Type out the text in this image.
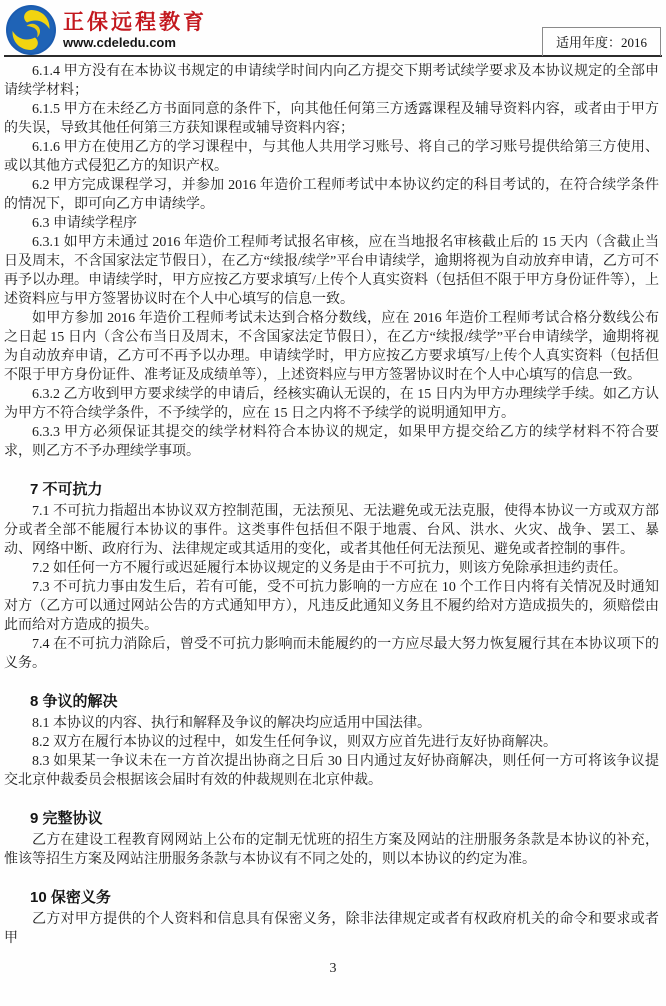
正保远程教育
www.cdeledu.com	适用年度：2016

6.1.4 甲方没有在本协议书规定的申请续学时间内向乙方提交下期考试续学要求及本协议规定的全部申请续学材料；

6.1.5 甲方在未经乙方书面同意的条件下，向其他任何第三方透露课程及辅导资料内容，或者由于甲方的失误，导致其他任何第三方获知课程或辅导资料内容；

6.1.6 甲方在使用乙方的学习课程中，与其他人共用学习账号、将自己的学习账号提供给第三方使用、或以其他方式侵犯乙方的知识产权。

6.2 甲方完成课程学习，并参加 2016 年造价工程师考试中本协议约定的科目考试的，在符合续学条件的情况下，即可向乙方申请续学。

6.3 申请续学程序

6.3.1 如甲方未通过 2016 年造价工程师考试报名审核，应在当地报名审核截止后的 15 天内（含截止当日及周末，不含国家法定节假日），在乙方“续报/续学”平台申请续学，逾期将视为自动放弃申请，乙方可不再予以办理。申请续学时，甲方应按乙方要求填写/上传个人真实资料（包括但不限于甲方身份证件等），上述资料应与甲方签署协议时在个人中心填写的信息一致。

如甲方参加 2016 年造价工程师考试未达到合格分数线，应在 2016 年造价工程师考试合格分数线公布之日起 15 日内（含公布当日及周末，不含国家法定节假日），在乙方“续报/续学”平台申请续学，逾期将视为自动放弃申请，乙方可不再予以办理。申请续学时，甲方应按乙方要求填写/上传个人真实资料（包括但不限于甲方身份证件、准考证及成绩单等），上述资料应与甲方签署协议时在个人中心填写的信息一致。

6.3.2 乙方收到甲方要求续学的申请后，经核实确认无误的，在 15 日内为甲方办理续学手续。如乙方认为甲方不符合续学条件，不予续学的，应在 15 日之内将不予续学的说明通知甲方。

6.3.3 甲方必须保证其提交的续学材料符合本协议的规定，如果甲方提交给乙方的续学材料不符合要求，则乙方不予办理续学事项。

7 不可抗力

7.1 不可抗力指超出本协议双方控制范围，无法预见、无法避免或无法克服，使得本协议一方或双方部分或者全部不能履行本协议的事件。这类事件包括但不限于地震、台风、洪水、火灾、战争、罢工、暴动、网络中断、政府行为、法律规定或其适用的变化，或者其他任何无法预见、避免或者控制的事件。

7.2 如任何一方不履行或迟延履行本协议规定的义务是由于不可抗力，则该方免除承担违约责任。

7.3 不可抗力事由发生后，若有可能，受不可抗力影响的一方应在 10 个工作日内将有关情况及时通知对方（乙方可以通过网站公告的方式通知甲方），凡违反此通知义务且不履约给对方造成损失的，须赔偿由此而给对方造成的损失。

7.4 在不可抗力消除后，曾受不可抗力影响而未能履约的一方应尽最大努力恢复履行其在本协议项下的义务。

8 争议的解决

8.1 本协议的内容、执行和解释及争议的解决均应适用中国法律。

8.2 双方在履行本协议的过程中，如发生任何争议，则双方应首先进行友好协商解决。

8.3 如果某一争议未在一方首次提出协商之日后 30 日内通过友好协商解决，则任何一方可将该争议提交北京仲裁委员会根据该会届时有效的仲裁规则在北京仲裁。

9 完整协议

乙方在建设工程教育网网站上公布的定制无忧班的招生方案及网站的注册服务条款是本协议的补充，惟该等招生方案及网站注册服务条款与本协议有不同之处的，则以本协议的约定为准。

10 保密义务

乙方对甲方提供的个人资料和信息具有保密义务，除非法律规定或者有权政府机关的命令和要求或者甲

3
